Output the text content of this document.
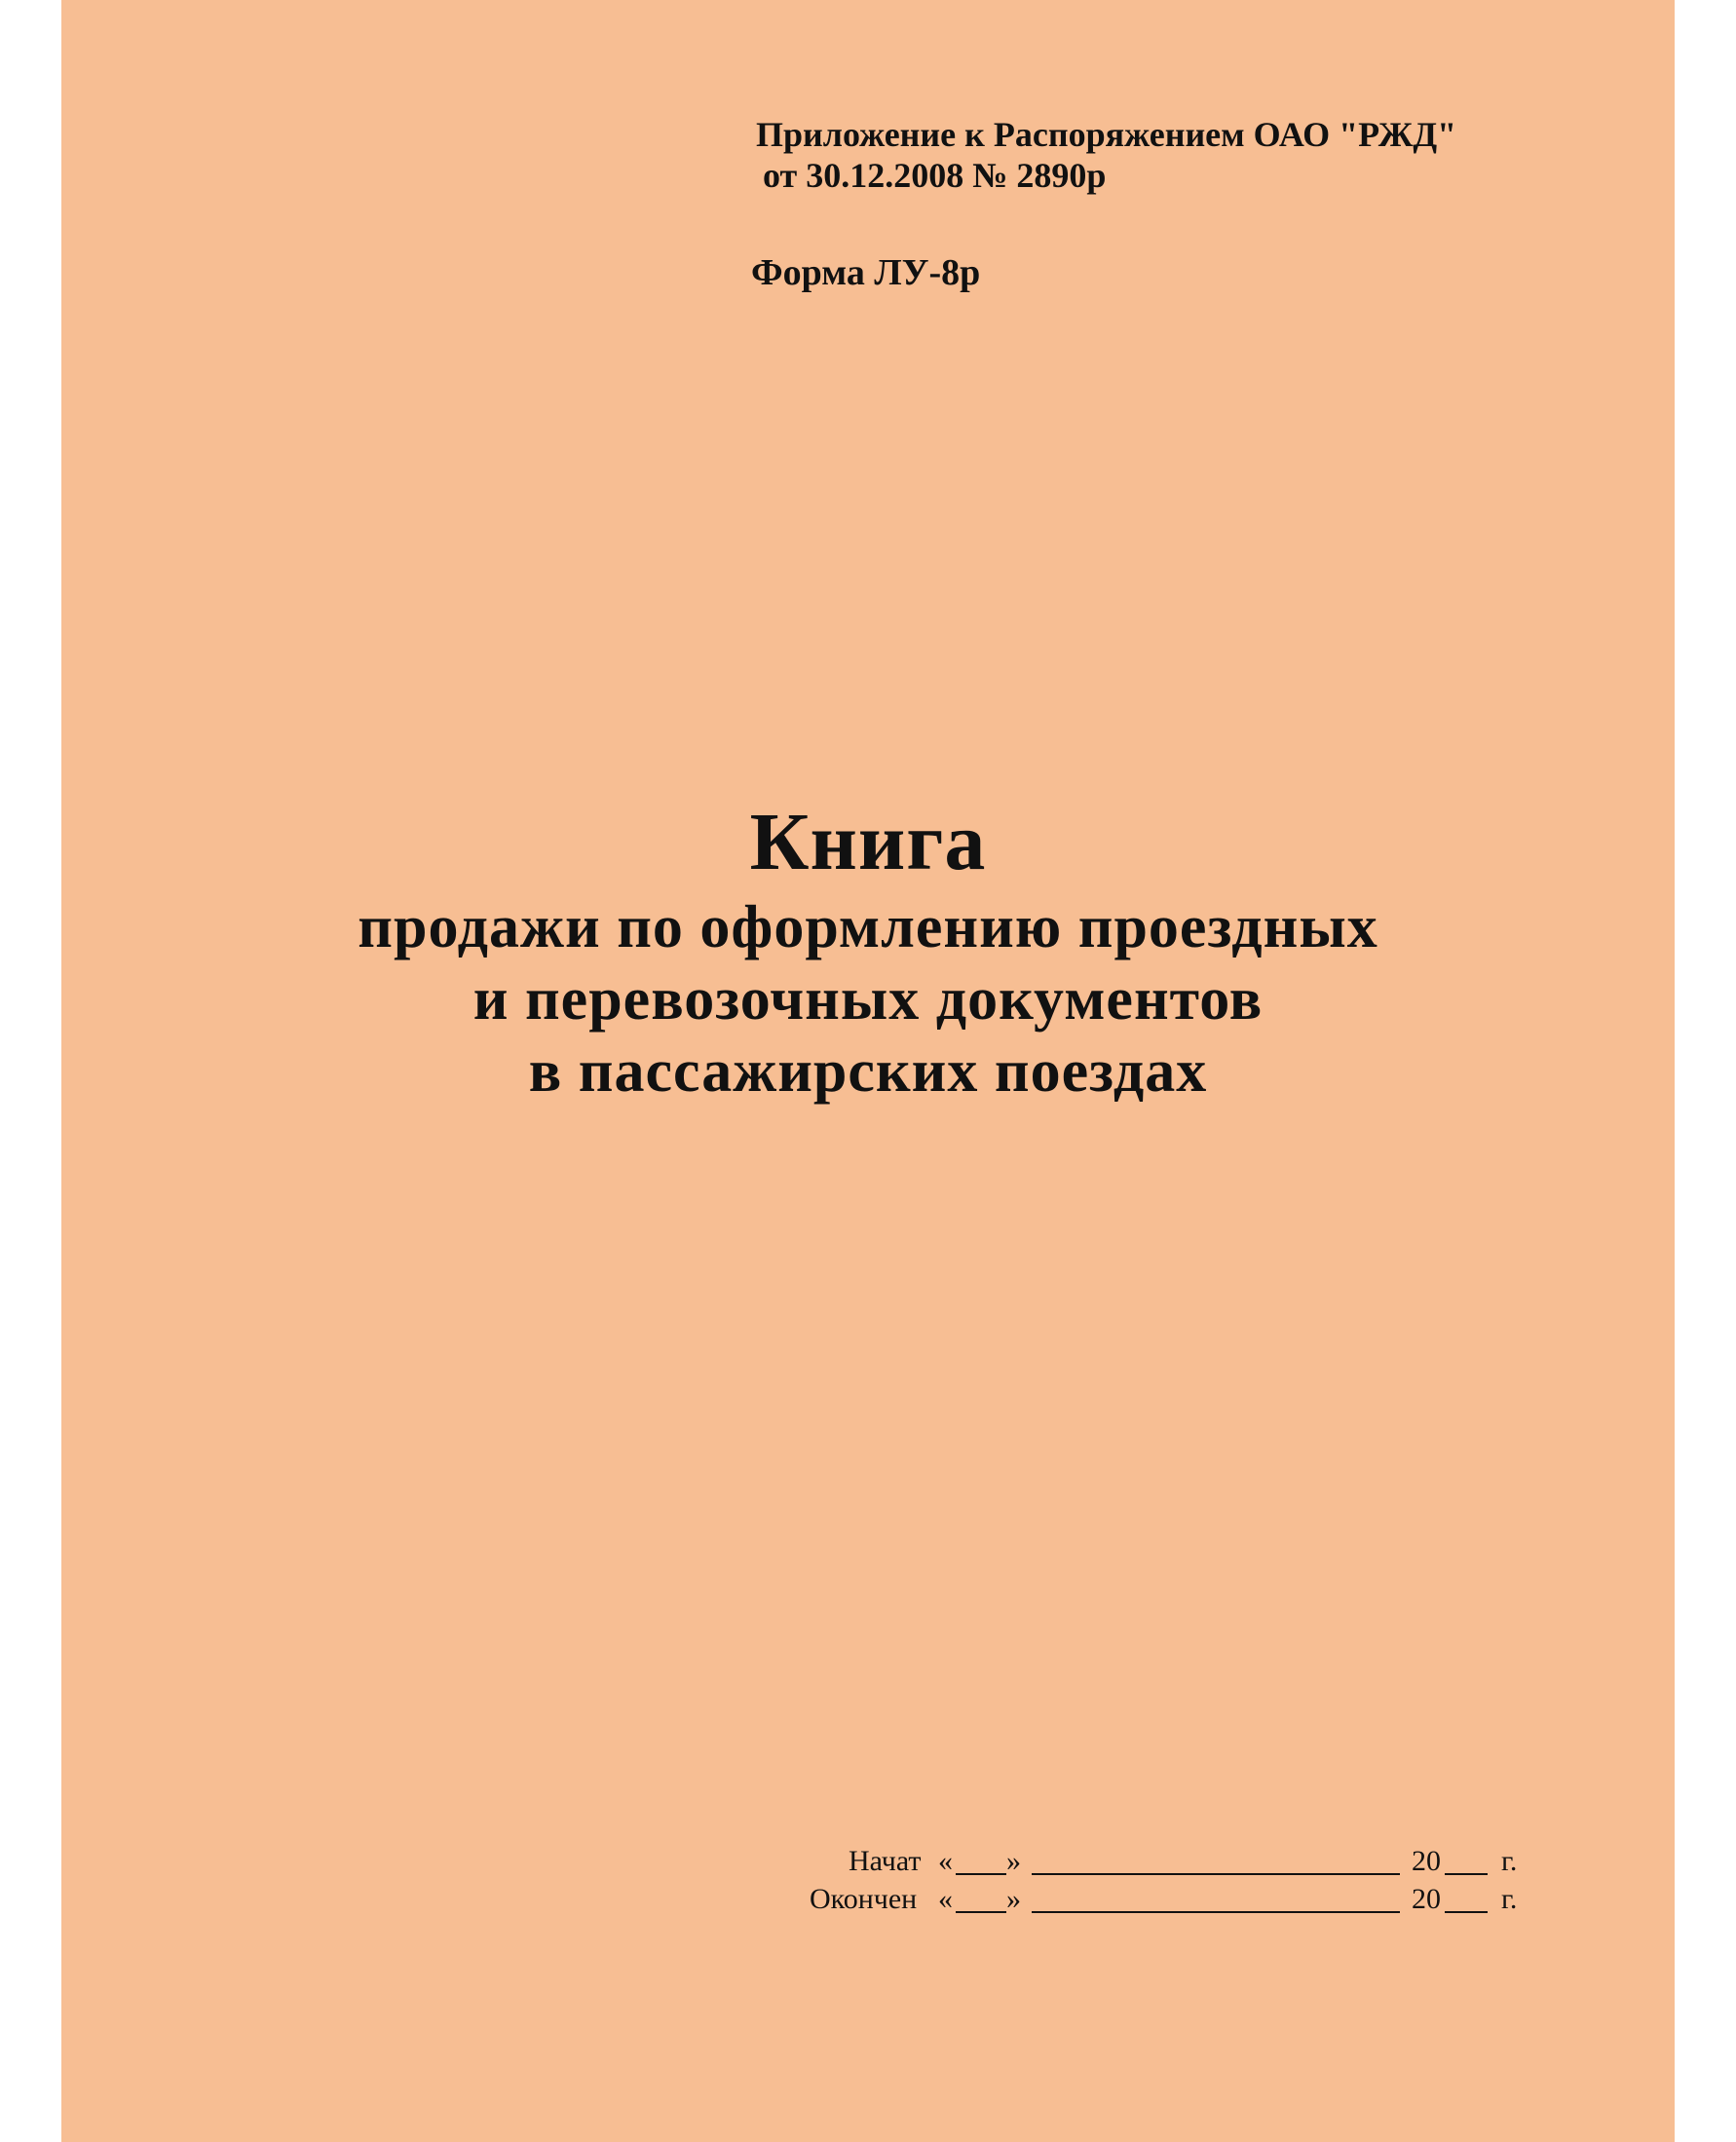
Приложение к Распоряжением ОАО "РЖД"
от 30.12.2008 № 2890р
Форма ЛУ-8р
Книга
продажи по оформлению проездных
и перевозочных документов
в пассажирских поездах
Начат « »	20 г.
Окончен « »	20 г.
